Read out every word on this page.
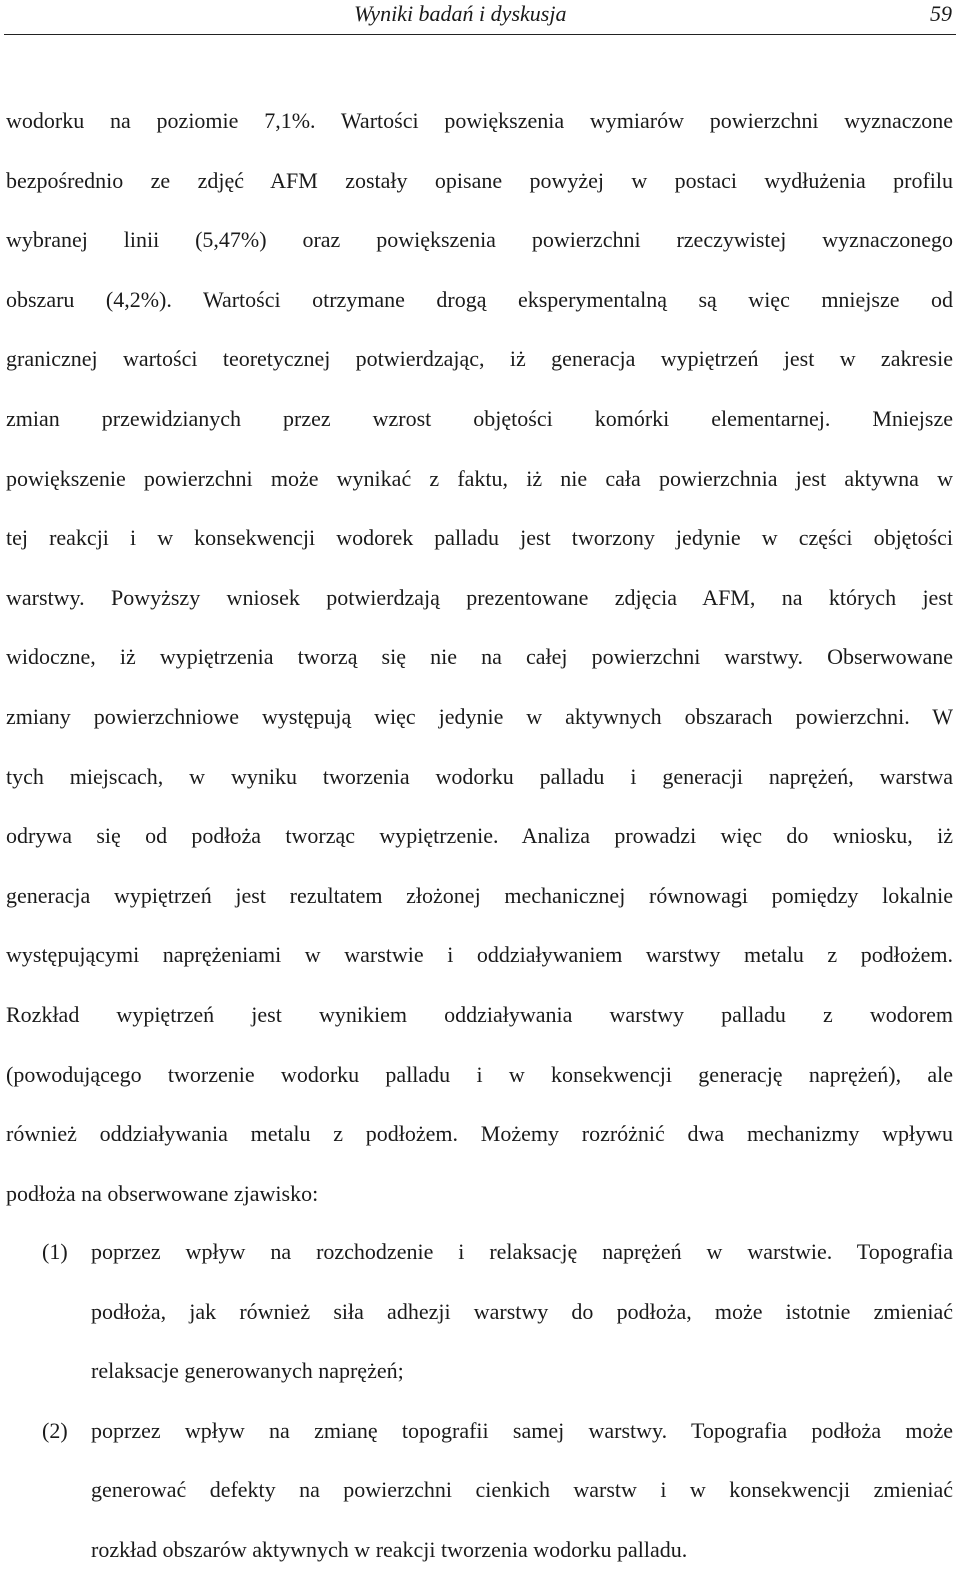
Wyniki badań i dyskusja	59
wodorku na poziomie 7,1%. Wartości powiększenia wymiarów powierzchni wyznaczone
bezpośrednio ze zdjęć AFM zostały opisane powyżej w postaci wydłużenia profilu
wybranej linii (5,47%) oraz powiększenia powierzchni rzeczywistej wyznaczonego
obszaru (4,2%). Wartości otrzymane drogą eksperymentalną są więc mniejsze od
granicznej wartości teoretycznej potwierdzając, iż generacja wypiętrzeń jest w zakresie
zmian przewidzianych przez wzrost objętości komórki elementarnej. Mniejsze
powiększenie powierzchni może wynikać z faktu, iż nie cała powierzchnia jest aktywna w
tej reakcji i w konsekwencji wodorek palladu jest tworzony jedynie w części objętości
warstwy. Powyższy wniosek potwierdzają prezentowane zdjęcia AFM, na których jest
widoczne, iż wypiętrzenia tworzą się nie na całej powierzchni warstwy. Obserwowane
zmiany powierzchniowe występują więc jedynie w aktywnych obszarach powierzchni. W
tych miejscach, w wyniku tworzenia wodorku palladu i generacji naprężeń, warstwa
odrywa się od podłoża tworząc wypiętrzenie. Analiza prowadzi więc do wniosku, iż
generacja wypiętrzeń jest rezultatem złożonej mechanicznej równowagi pomiędzy lokalnie
występującymi naprężeniami w warstwie i oddziaływaniem warstwy metalu z podłożem.
Rozkład wypiętrzeń jest wynikiem oddziaływania warstwy palladu z wodorem
(powodującego tworzenie wodorku palladu i w konsekwencji generację naprężeń), ale
również oddziaływania metalu z podłożem. Możemy rozróżnić dwa mechanizmy wpływu
podłoża na obserwowane zjawisko:
(1) poprzez wpływ na rozchodzenie i relaksację naprężeń w warstwie. Topografia
podłoża, jak również siła adhezji warstwy do podłoża, może istotnie zmieniać
relaksacje generowanych naprężeń;
(2) poprzez wpływ na zmianę topografii samej warstwy. Topografia podłoża może
generować defekty na powierzchni cienkich warstw i w konsekwencji zmieniać
rozkład obszarów aktywnych w reakcji tworzenia wodorku palladu.
